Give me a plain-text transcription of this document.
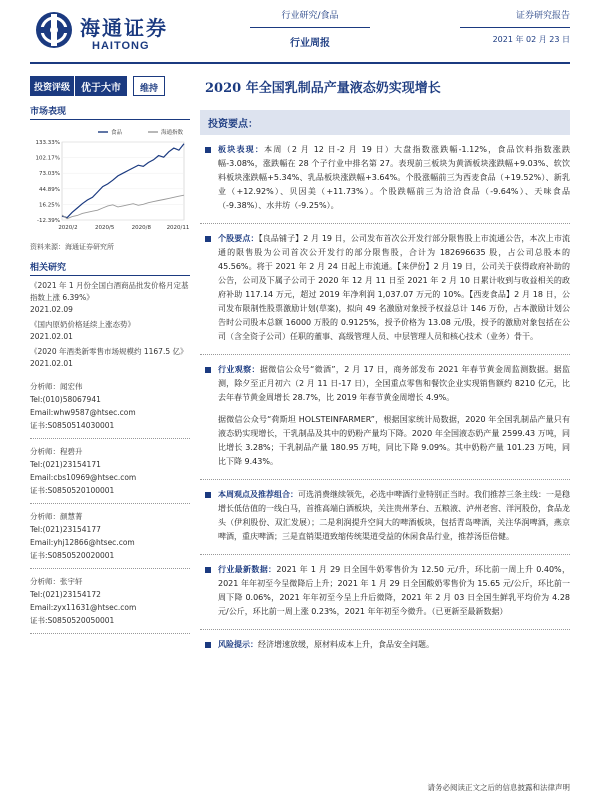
海通证券
HAITONG
行业研究/食品
行业周报
证券研究报告
2021 年 02 月 23 日
投资评级	优于大市	维持	2020 年全国乳制品产量液态奶实现增长
市场表现
133.33%
102.17%
73.03%
44.89%
16.25%
-12.39%
2020/2	2020/5	2020/8	2020/11
食品	海通指数
资料来源：海通证券研究所
相关研究
《2021 年 1 月份全国白酒商品批发价格月定基指数上涨 6.39%》
2021.02.09
《国内原奶价格延续上涨态势》
2021.02.01
《2020 年酒类新零售市场规模约 1167.5 亿》
2021.02.01
分析师：闻宏伟
Tel:(010)58067941
Email:whw9587@htsec.com
证书:S0850514030001
分析师：程碧升
Tel:(021)23154171
Email:cbs10969@htsec.com
证书:S0850520100001
分析师：颜慧菁
Tel:(021)23154177
Email:yhj12866@htsec.com
证书:S0850520020001
分析师：张宇轩
Tel:(021)23154172
Email:zyx11631@htsec.com
证书:S0850520050001
投资要点：
板块表现：本周（2 月 12 日-2 月 19 日）大盘指数涨跌幅-1.12%，食品饮料指数涨跌幅-3.08%，涨跌幅在 28 个子行业中排名第 27。表现前三板块为黄酒板块涨跌幅+9.03%、软饮料板块涨跌幅+5.34%、乳品板块涨跌幅+3.64%。个股涨幅前三为西麦食品（+19.52%）、新乳业（+12.92%）、贝因美（+11.73%）。个股跌幅前三为洽洽食品（-9.64%）、天味食品（-9.38%）、水井坊（-9.25%）。
个股要点：【良品铺子】2 月 19 日，公司发布首次公开发行部分限售股上市流通公告，本次上市流通的限售股为公司首次公开发行的部分限售股，合计为 182696635 股，占公司总股本的 45.56%。将于 2021 年 2 月 24 日起上市流通。【来伊份】2 月 19 日，公司关于获得政府补助的公告，公司及下属子公司于 2020 年 12 月 11 日至 2021 年 2 月 10 日累计收到与收益相关的政府补助 117.14 万元，超过 2019 年净利润 1,037.07 万元的 10%。【西麦食品】2 月 18 日，公司发布限制性股票激励计划(草案)，拟向 49 名激励对象授予权益总计 146 万份，占本激励计划公告时公司股本总额 16000 万股的 0.9125%，授予价格为 13.08 元/股，授予的激励对象包括在公司（含全资子公司）任职的董事、高级管理人员、中层管理人员和核心技术（业务）骨干。
行业观察：据微信公众号“微酒”，2 月 17 日，商务部发布 2021 年春节黄金周监测数据。据监测，除夕至正月初六（2 月 11 日-17 日），全国重点零售和餐饮企业实现销售额约 8210 亿元，比去年春节黄金周增长 28.7%，比 2019 年春节黄金周增长 4.9%。
据微信公众号“荷斯坦 HOLSTEINFARMER”，根据国家统计局数据，2020 年全国乳制品产量只有液态奶实现增长，干乳制品及其中的奶粉产量均下降。2020 年全国液态奶产量 2599.43 万吨，同比增长 3.28%；干乳制品产量 180.95 万吨，同比下降 9.09%。其中奶粉产量 101.23 万吨，同比下降 9.43%。
本周观点及推荐组合：可选消费继续领先，必选中啤酒行业特别正当时。我们推荐三条主线：一是稳增长低估值的一线白马，首推高端白酒板块，关注贵州茅台、五粮液、泸州老窖、洋河股份，食品龙头（伊利股份、双汇发展）；二是利润提升空间大的啤酒板块，包括青岛啤酒，关注华润啤酒，燕京啤酒，重庆啤酒；三是直销渠道致缩传统渠道受益的休闲食品行业，推荐汤臣倍健。
行业最新数据：2021 年 1 月 29 日全国牛奶零售价为 12.50 元/升，环比前一周上升 0.40%，2021 年年初至今呈微降后上升；2021 年 1 月 29 日全国酸奶零售价为 15.65 元/公斤，环比前一周下降 0.06%，2021 年年初至今呈上升后微降，2021 年 2 月 03 日全国生鲜乳平均价为 4.28 元/公斤，环比前一周上涨 0.23%，2021 年年初至今微升。（已更新至最新数据）
风险提示：经济增速放缓，原材料成本上升，食品安全问题。
请务必阅读正文之后的信息披露和法律声明
